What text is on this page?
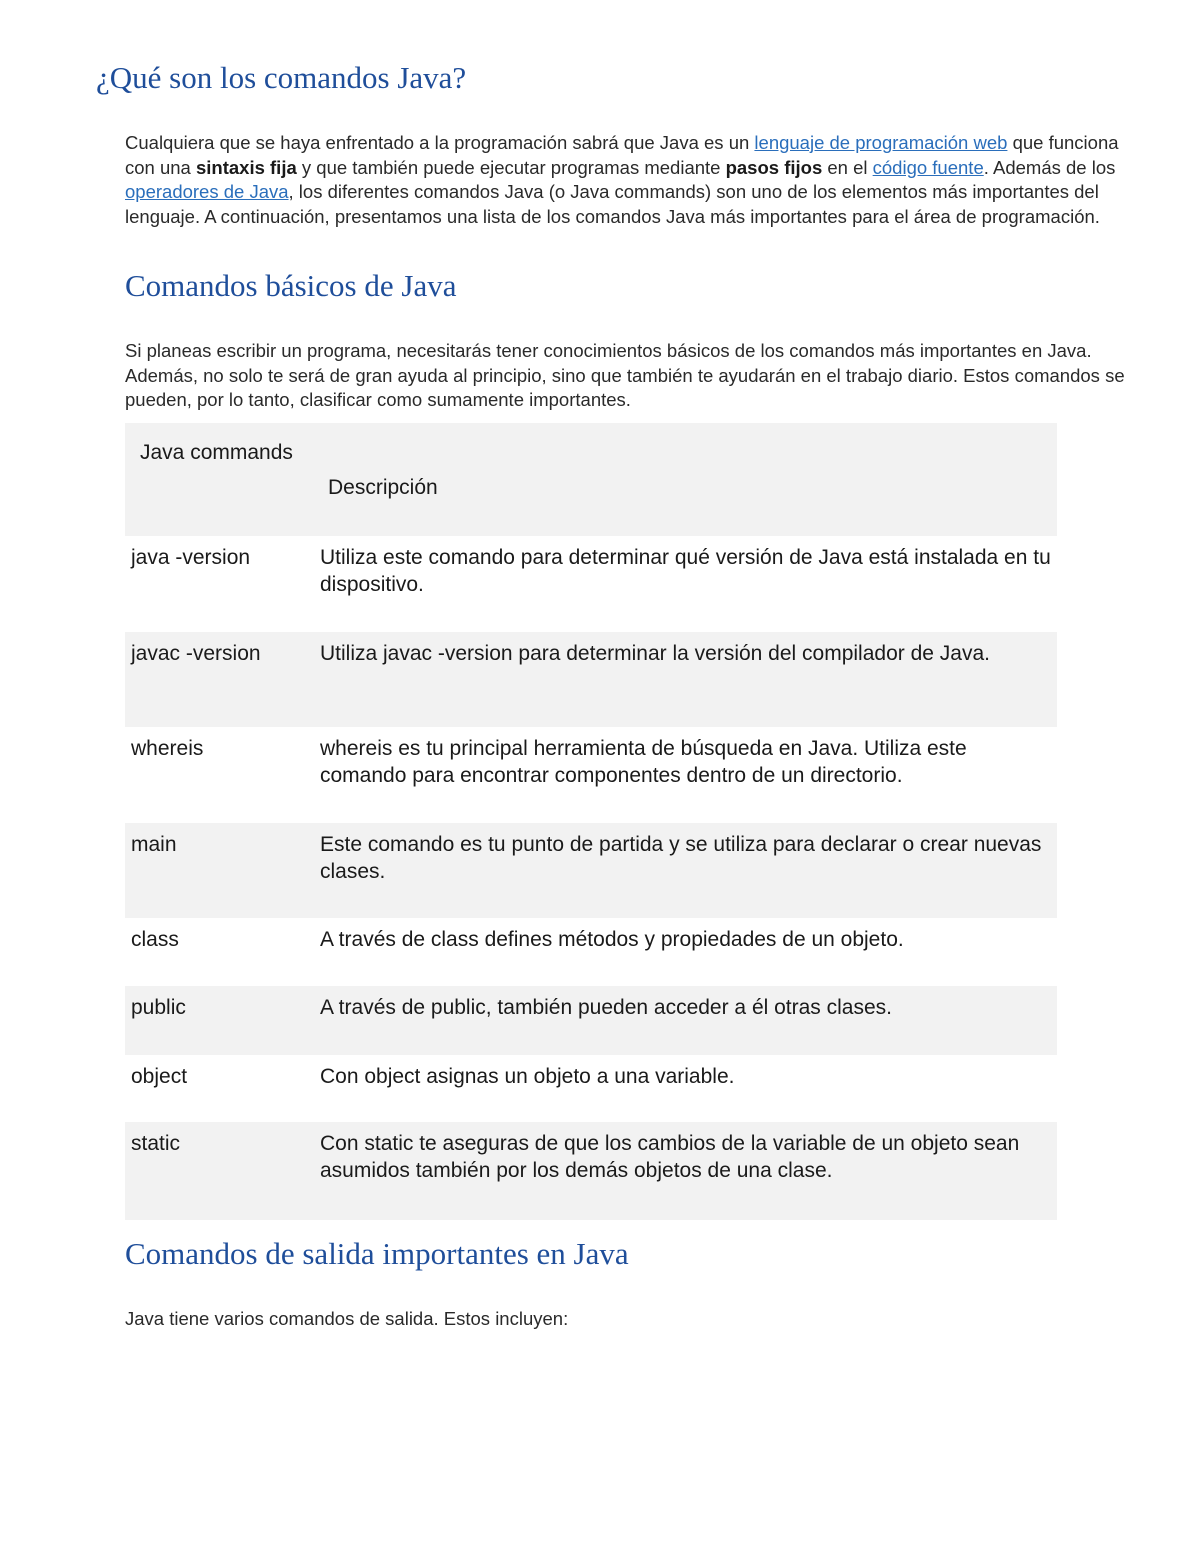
¿Qué son los comandos Java?

Cualquiera que se haya enfrentado a la programación sabrá que Java es un lenguaje de programación web que funciona con una sintaxis fija y que también puede ejecutar programas mediante pasos fijos en el código fuente. Además de los operadores de Java, los diferentes comandos Java (o Java commands) son uno de los elementos más importantes del lenguaje. A continuación, presentamos una lista de los comandos Java más importantes para el área de programación.

Comandos básicos de Java

Si planeas escribir un programa, necesitarás tener conocimientos básicos de los comandos más importantes en Java. Además, no solo te será de gran ayuda al principio, sino que también te ayudarán en el trabajo diario. Estos comandos se pueden, por lo tanto, clasificar como sumamente importantes.

Java commands	Descripción
java -version	Utiliza este comando para determinar qué versión de Java está instalada en tu dispositivo.
javac -version	Utiliza javac -version para determinar la versión del compilador de Java.
whereis	whereis es tu principal herramienta de búsqueda en Java. Utiliza este comando para encontrar componentes dentro de un directorio.
main	Este comando es tu punto de partida y se utiliza para declarar o crear nuevas clases.
class	A través de class defines métodos y propiedades de un objeto.
public	A través de public, también pueden acceder a él otras clases.
object	Con object asignas un objeto a una variable.
static	Con static te aseguras de que los cambios de la variable de un objeto sean asumidos también por los demás objetos de una clase.
Comandos de salida importantes en Java

Java tiene varios comandos de salida. Estos incluyen:
